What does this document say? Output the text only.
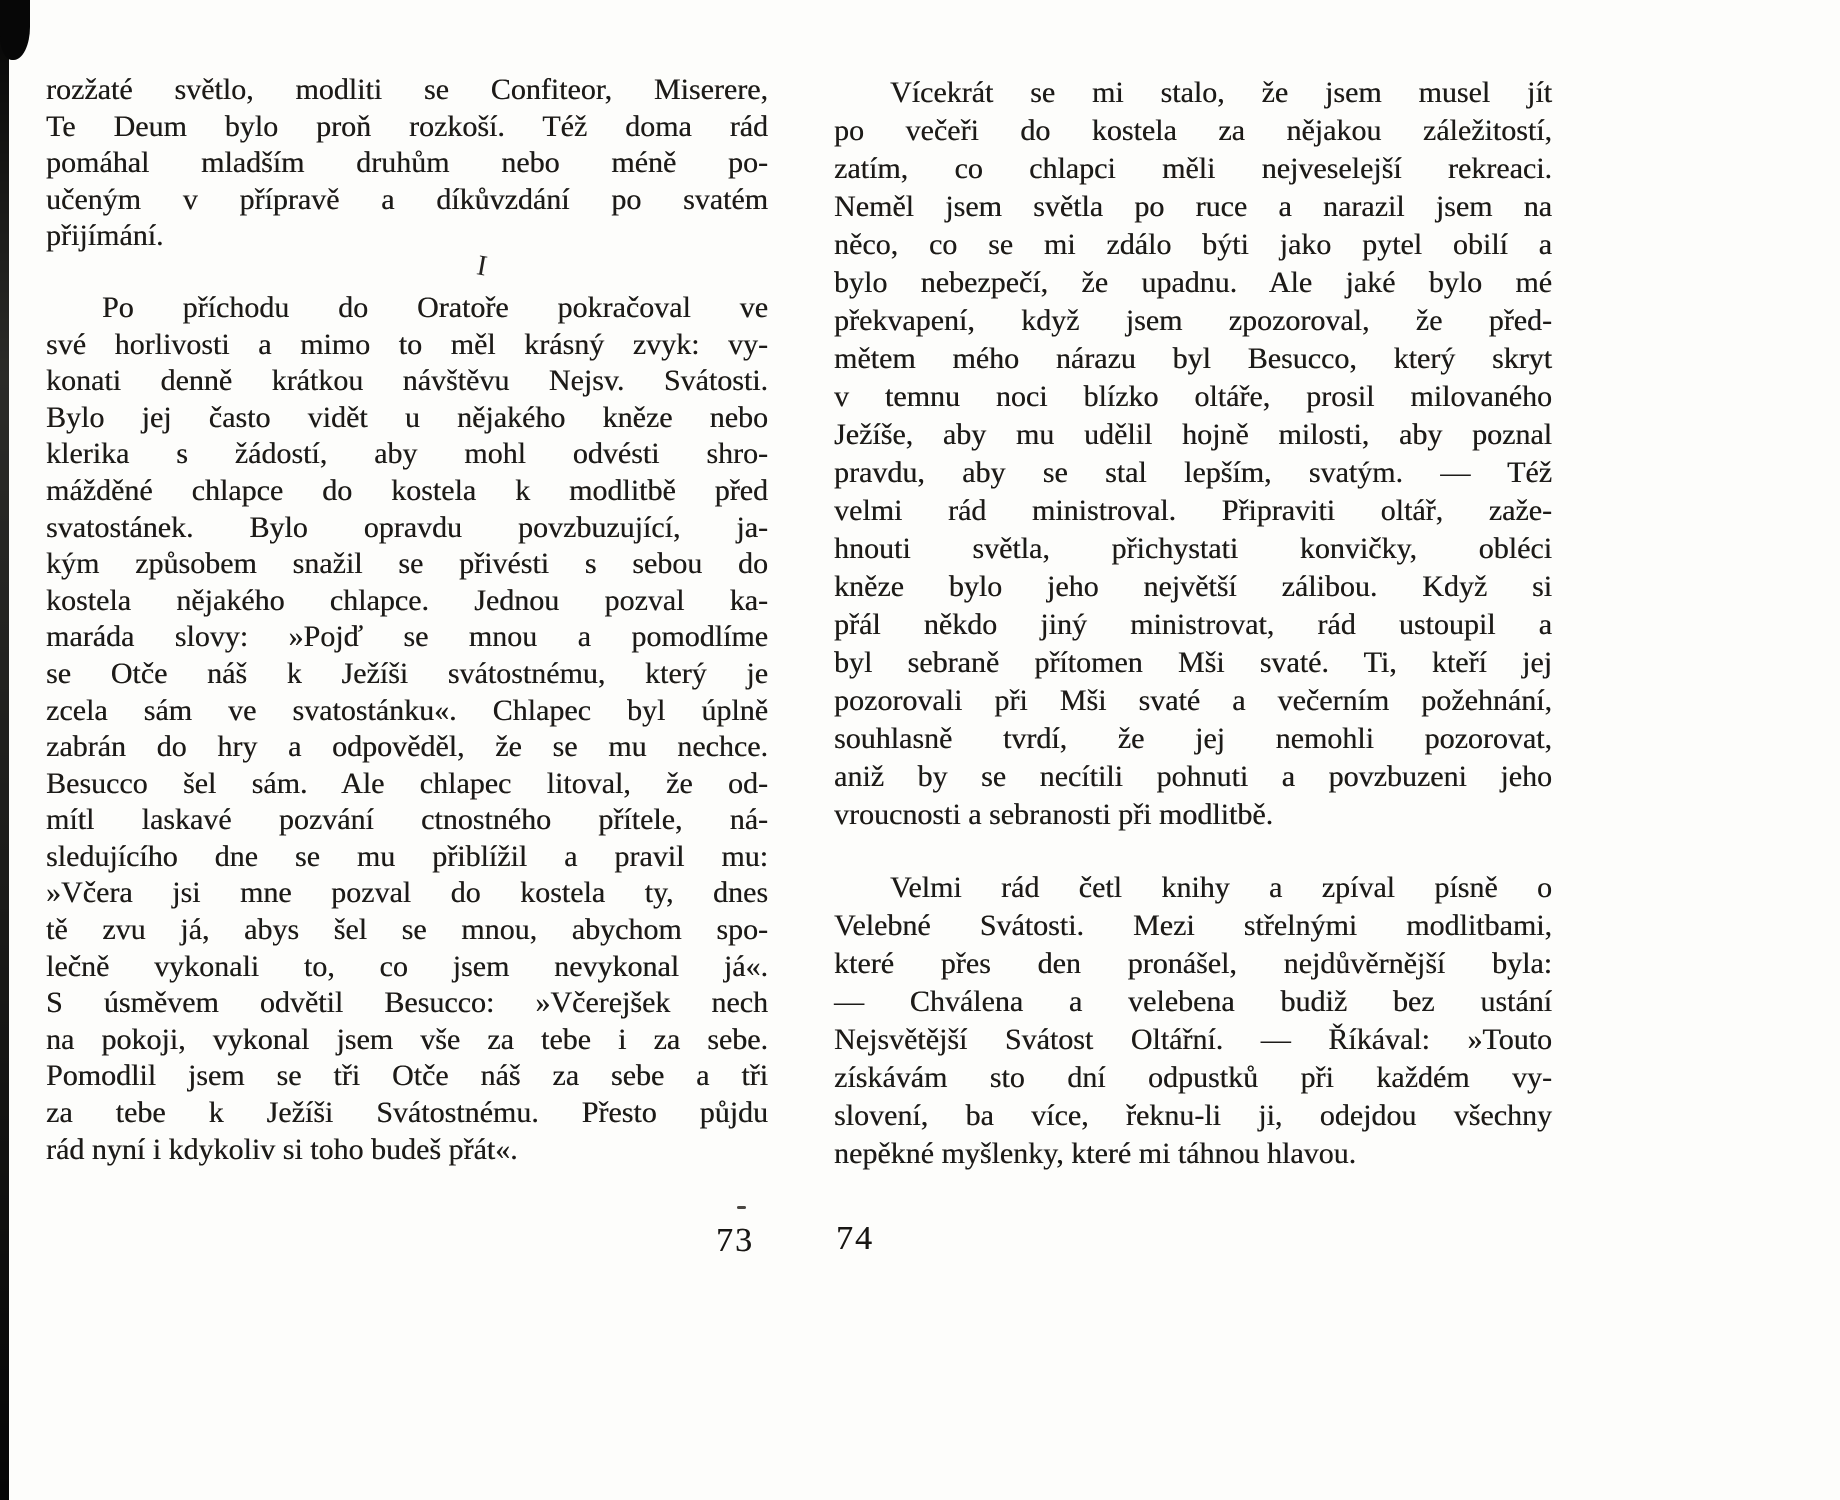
rozžaté světlo, modliti se Confiteor, Miserere,
Te Deum bylo proň rozkoší. Též doma rád
pomáhal mladším druhům nebo méně po-
učeným v přípravě a díkůvzdání po svatém
přijímání.
Po příchodu do Oratoře pokračoval ve
své horlivosti a mimo to měl krásný zvyk: vy-
konati denně krátkou návštěvu Nejsv. Svátosti.
Bylo jej často vidět u nějakého kněze nebo
klerika s žádostí, aby mohl odvésti shro-
mážděné chlapce do kostela k modlitbě před
svatostánek. Bylo opravdu povzbuzující, ja-
kým způsobem snažil se přivésti s sebou do
kostela nějakého chlapce. Jednou pozval ka-
maráda slovy: »Pojď se mnou a pomodlíme
se Otče náš k Ježíši svátostnému, který je
zcela sám ve svatostánku«. Chlapec byl úplně
zabrán do hry a odpověděl, že se mu nechce.
Besucco šel sám. Ale chlapec litoval, že od-
mítl laskavé pozvání ctnostného přítele, ná-
sledujícího dne se mu přiblížil a pravil mu:
»Včera jsi mne pozval do kostela ty, dnes
tě zvu já, abys šel se mnou, abychom spo-
lečně vykonali to, co jsem nevykonal já«.
S úsměvem odvětil Besucco: »Včerejšek nech
na pokoji, vykonal jsem vše za tebe i za sebe.
Pomodlil jsem se tři Otče náš za sebe a tři
za tebe k Ježíši Svátostnému. Přesto půjdu
rád nyní i kdykoliv si toho budeš přát«.
Vícekrát se mi stalo, že jsem musel jít
po večeři do kostela za nějakou záležitostí,
zatím, co chlapci měli nejveselejší rekreaci.
Neměl jsem světla po ruce a narazil jsem na
něco, co se mi zdálo býti jako pytel obilí a
bylo nebezpečí, že upadnu. Ale jaké bylo mé
překvapení, když jsem zpozoroval, že před-
mětem mého nárazu byl Besucco, který skryt
v temnu noci blízko oltáře, prosil milovaného
Ježíše, aby mu udělil hojně milosti, aby poznal
pravdu, aby se stal lepším, svatým. — Též
velmi rád ministroval. Připraviti oltář, zaže-
hnouti světla, přichystati konvičky, obléci
kněze bylo jeho největší zálibou. Když si
přál někdo jiný ministrovat, rád ustoupil a
byl sebraně přítomen Mši svaté. Ti, kteří jej
pozorovali při Mši svaté a večerním požehnání,
souhlasně tvrdí, že jej nemohli pozorovat,
aniž by se necítili pohnuti a povzbuzeni jeho
vroucnosti a sebranosti při modlitbě.
Velmi rád četl knihy a zpíval písně o
Velebné Svátosti. Mezi střelnými modlitbami,
které přes den pronášel, nejdůvěrnější byla:
— Chválena a velebena budiž bez ustání
Nejsvětější Svátost Oltářní. — Říkával: »Touto
získávám sto dní odpustků při každém vy-
slovení, ba více, řeknu-li ji, odejdou všechny
nepěkné myšlenky, které mi táhnou hlavou.
I
73 74
